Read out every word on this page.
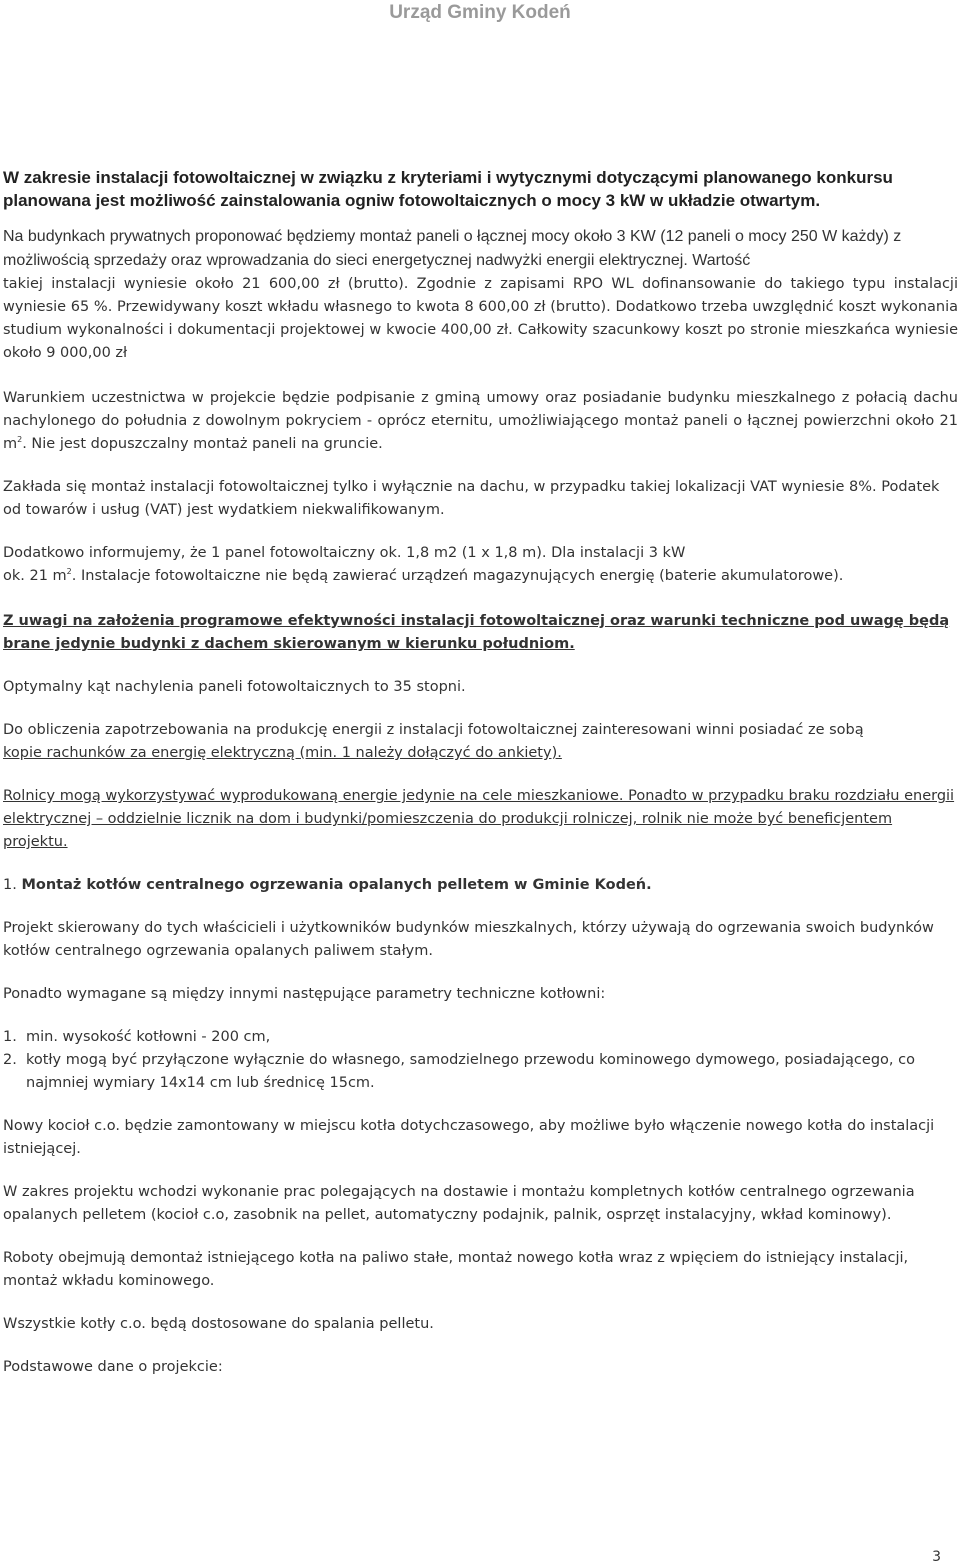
Urząd Gminy Kodeń

W zakresie instalacji fotowoltaicznej w związku z kryteriami i wytycznymi dotyczącymi planowanego konkursu planowana jest możliwość zainstalowania ogniw fotowoltaicznych o mocy 3 kW w układzie otwartym.

Na budynkach prywatnych proponować będziemy montaż paneli o łącznej mocy około 3 KW (12 paneli o mocy 250 W każdy) z możliwością sprzedaży oraz wprowadzania do sieci energetycznej nadwyżki energii elektrycznej. Wartość

takiej instalacji wyniesie około 21 600,00 zł (brutto). Zgodnie z zapisami RPO WL dofinansowanie do takiego typu instalacji wyniesie 65 %. Przewidywany koszt wkładu własnego to kwota 8 600,00 zł (brutto). Dodatkowo trzeba uwzględnić koszt wykonania studium wykonalności i dokumentacji projektowej w kwocie 400,00 zł. Całkowity szacunkowy koszt po stronie mieszkańca wyniesie około 9 000,00 zł

Warunkiem uczestnictwa w projekcie będzie podpisanie z gminą umowy oraz posiadanie budynku mieszkalnego z połacią dachu nachylonego do południa z dowolnym pokryciem - oprócz eternitu, umożliwiającego montaż paneli o łącznej powierzchni około 21 $m^2$. Nie jest dopuszczalny montaż paneli na gruncie.

Zakłada się montaż instalacji fotowoltaicznej tylko i wyłącznie na dachu, w przypadku takiej lokalizacji VAT wyniesie 8%. Podatek od towarów i usług (VAT) jest wydatkiem niekwalifikowanym.

Dodatkowo informujemy, że 1 panel fotowoltaiczny ok. 1,8 m2 (1 x 1,8 m). Dla instalacji 3 kW

ok. 21 $m^2$. Instalacje fotowoltaiczne nie będą zawierać urządzeń magazynujących energię (baterie akumulatorowe).

Z uwagi na założenia programowe efektywności instalacji fotowoltaicznej oraz warunki techniczne pod uwagę będą brane jedynie budynki z dachem skierowanym w kierunku południom.

Optymalny kąt nachylenia paneli fotowoltaicznych to 35 stopni.

Do obliczenia zapotrzebowania na produkcję energii z instalacji fotowoltaicznej zainteresowani winni posiadać ze sobą

kopie rachunków za energię elektryczną (min. 1 należy dołączyć do ankiety).

Rolnicy mogą wykorzystywać wyprodukowaną energie jedynie na cele mieszkaniowe. Ponadto w przypadku braku rozdziału energii elektrycznej – oddzielnie licznik na dom i budynki/pomieszczenia do produkcji rolniczej, rolnik nie może być beneficjentem projektu.

1. Montaż kotłów centralnego ogrzewania opalanych pelletem w Gminie Kodeń.

Projekt skierowany do tych właścicieli i użytkowników budynków mieszkalnych, którzy używają do ogrzewania swoich budynków kotłów centralnego ogrzewania opalanych paliwem stałym.

Ponadto wymagane są między innymi następujące parametry techniczne kotłowni:

1. min. wysokość kotłowni - 200 cm,
2. kotły mogą być przyłączone wyłącznie do własnego, samodzielnego przewodu kominowego dymowego, posiadającego, co najmniej wymiary 14x14 cm lub średnicę 15cm.

Nowy kocioł c.o. będzie zamontowany w miejscu kotła dotychczasowego, aby możliwe było włączenie nowego kotła do instalacji istniejącej.

W zakres projektu wchodzi wykonanie prac polegających na dostawie i montażu kompletnych kotłów centralnego ogrzewania opalanych pelletem (kocioł c.o, zasobnik na pellet, automatyczny podajnik, palnik, osprzęt instalacyjny, wkład kominowy).

Roboty obejmują demontaż istniejącego kotła na paliwo stałe, montaż nowego kotła wraz z wpięciem do istniejący instalacji, montaż wkładu kominowego.

Wszystkie kotły c.o. będą dostosowane do spalania pelletu.

Podstawowe dane o projekcie:

3
